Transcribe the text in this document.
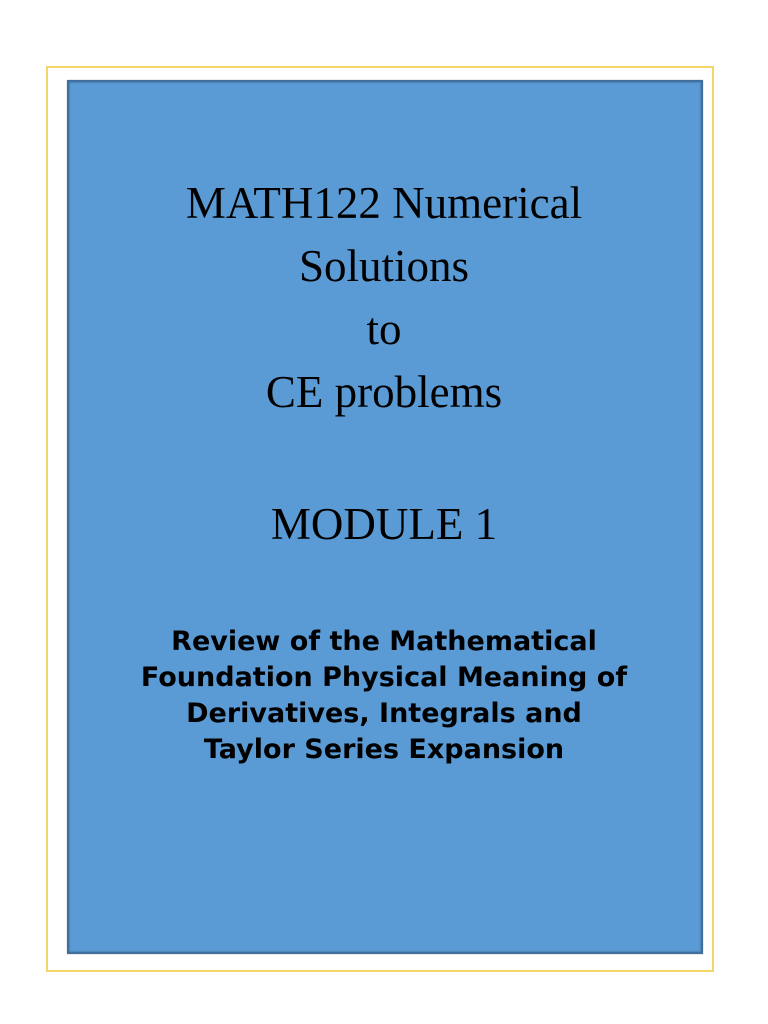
MATH122 Numerical
Solutions
to
CE problems
MODULE 1
Review of the Mathematical
Foundation Physical Meaning of
Derivatives, Integrals and
Taylor Series Expansion
